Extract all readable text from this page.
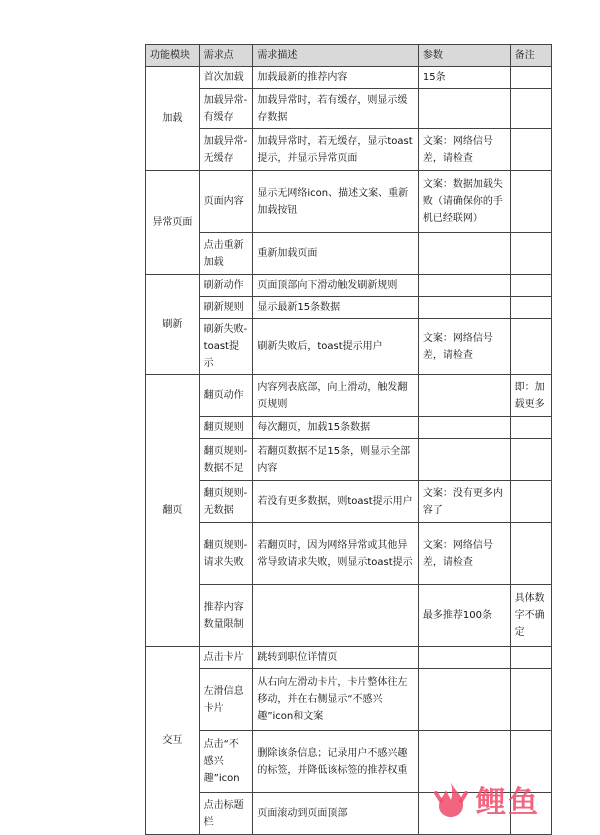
功能模块	需求点	需求描述	参数	备注
加载	首次加载	加载最新的推荐内容	15条	
	加载异常-有缓存	加载异常时，若有缓存，则显示缓存数据		
	加载异常-无缓存	加载异常时，若无缓存，显示toast提示，并显示异常页面	文案：网络信号差，请检查	
异常页面	页面内容	显示无网络icon、描述文案、重新加载按钮	文案：数据加载失败（请确保你的手机已经联网）	
	点击重新加载	重新加载页面		
刷新	刷新动作	页面顶部向下滑动触发刷新规则		
	刷新规则	显示最新15条数据		
	刷新失败-toast提示	刷新失败后，toast提示用户	文案：网络信号差，请检查	
翻页	翻页动作	内容列表底部，向上滑动，触发翻页规则		即：加载更多
	翻页规则	每次翻页，加载15条数据		
	翻页规则-数据不足	若翻页数据不足15条，则显示全部内容		
	翻页规则-无数据	若没有更多数据，则toast提示用户	文案：没有更多内容了	
	翻页规则-请求失败	若翻页时，因为网络异常或其他异常导致请求失败，则显示toast提示	文案：网络信号差，请检查	
	推荐内容数量限制		最多推荐100条	具体数字不确定
交互	点击卡片	跳转到职位详情页		
	左滑信息卡片	从右向左滑动卡片，卡片整体往左移动，并在右侧显示“不感兴趣”icon和文案		
	点击“不感兴趣”icon	删除该条信息；记录用户不感兴趣的标签，并降低该标签的推荐权重		
	点击标题栏	页面滚动到页面顶部			鲤鱼
